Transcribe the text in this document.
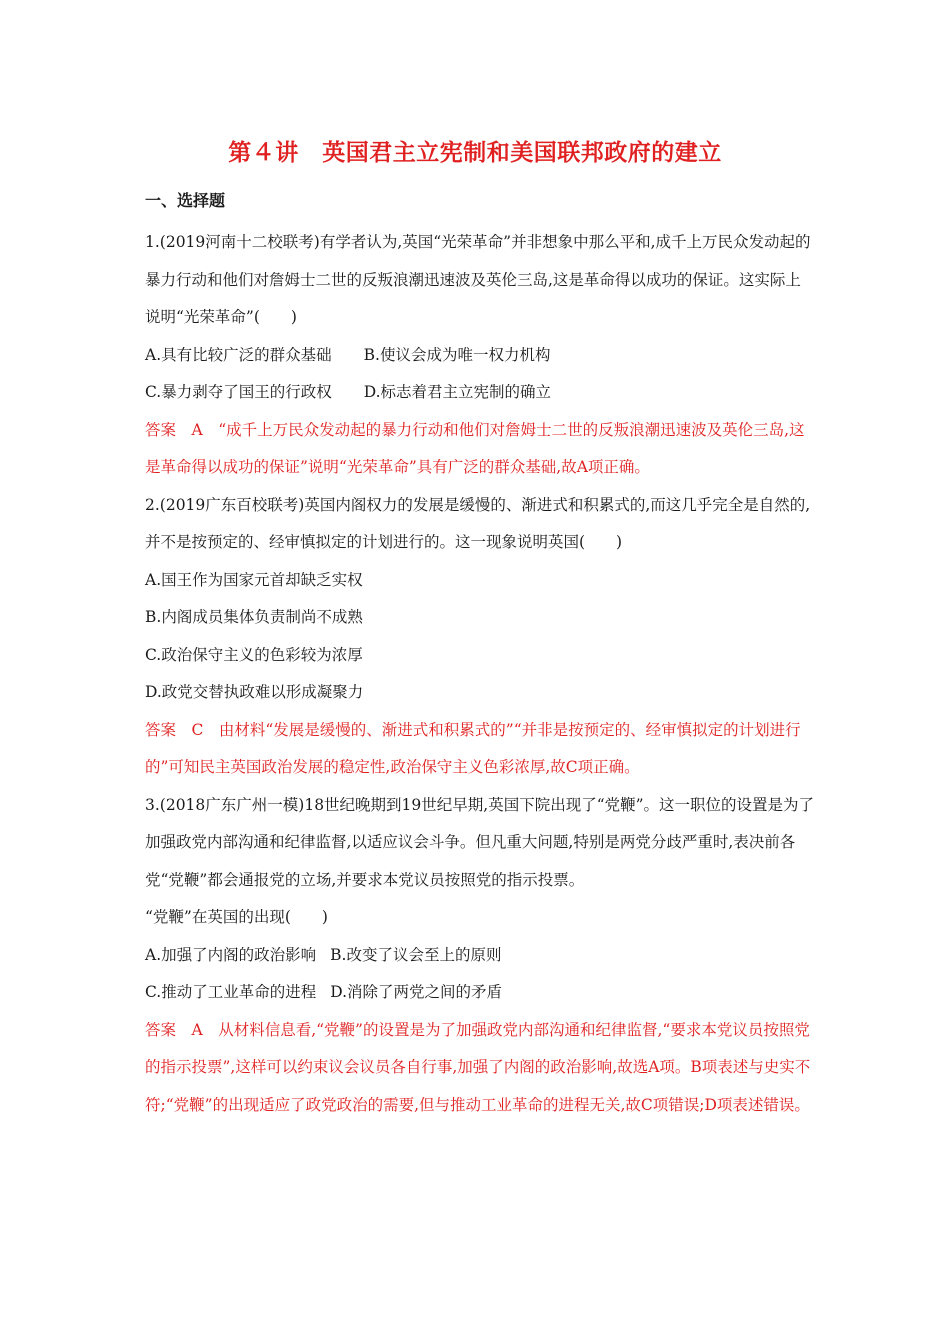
第４讲　英国君主立宪制和美国联邦政府的建立
一、选择题

1.(2019河南十二校联考)有学者认为,英国“光荣革命”并非想象中那么平和,成千上万民众发动起的暴力行动和他们对詹姆士二世的反叛浪潮迅速波及英伦三岛,这是革命得以成功的保证。这实际上说明“光荣革命”(　　)

A.具有比较广泛的群众基础 B.使议会成为唯一权力机构
C.暴力剥夺了国王的行政权 D.标志着君主立宪制的确立

答案　A　“成千上万民众发动起的暴力行动和他们对詹姆士二世的反叛浪潮迅速波及英伦三岛,这是革命得以成功的保证”说明“光荣革命”具有广泛的群众基础,故A项正确。

2.(2019广东百校联考)英国内阁权力的发展是缓慢的、渐进式和积累式的,而这几乎完全是自然的,并不是按预定的、经审慎拟定的计划进行的。这一现象说明英国(　　)

A.国王作为国家元首却缺乏实权

B.内阁成员集体负责制尚不成熟

C.政治保守主义的色彩较为浓厚

D.政党交替执政难以形成凝聚力

答案　C　由材料“发展是缓慢的、渐进式和积累式的”“并非是按预定的、经审慎拟定的计划进行的”可知民主英国政治发展的稳定性,政治保守主义色彩浓厚,故C项正确。

3.(2018广东广州一模)18世纪晚期到19世纪早期,英国下院出现了“党鞭”。这一职位的设置是为了加强政党内部沟通和纪律监督,以适应议会斗争。但凡重大问题,特别是两党分歧严重时,表决前各党“党鞭”都会通报党的立场,并要求本党议员按照党的指示投票。

“党鞭”在英国的出现(　　)

A.加强了内阁的政治影响 B.改变了议会至上的原则
C.推动了工业革命的进程 D.消除了两党之间的矛盾

答案　A　从材料信息看,“党鞭”的设置是为了加强政党内部沟通和纪律监督,“要求本党议员按照党的指示投票”,这样可以约束议会议员各自行事,加强了内阁的政治影响,故选A项。B项表述与史实不符;“党鞭”的出现适应了政党政治的需要,但与推动工业革命的进程无关,故C项错误;D项表述错误。
